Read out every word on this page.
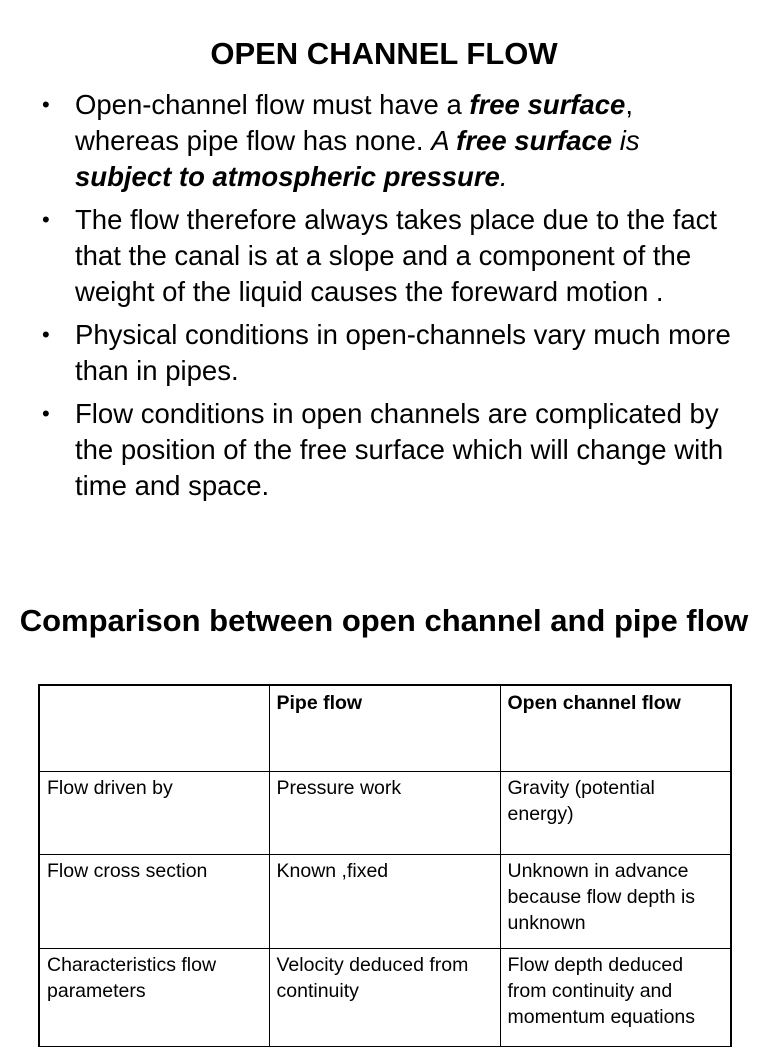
OPEN CHANNEL FLOW
• Open-channel flow must have a free surface, whereas pipe flow has none. A free surface is subject to atmospheric pressure.
• The flow therefore always takes place due to the fact that the canal is at a slope and a component of the weight of the liquid causes the foreward motion .
• Physical conditions in open-channels vary much more than in pipes.
• Flow conditions in open channels are complicated by the position of the free surface which will change with time and space.
Comparison between open channel and pipe flow
	Pipe flow	Open channel flow
Flow driven by	Pressure work	Gravity (potential energy)
Flow cross section	Known ,fixed	Unknown in advance because flow depth is unknown
Characteristics flow parameters	Velocity deduced from continuity	Flow depth deduced from continuity and momentum equations
